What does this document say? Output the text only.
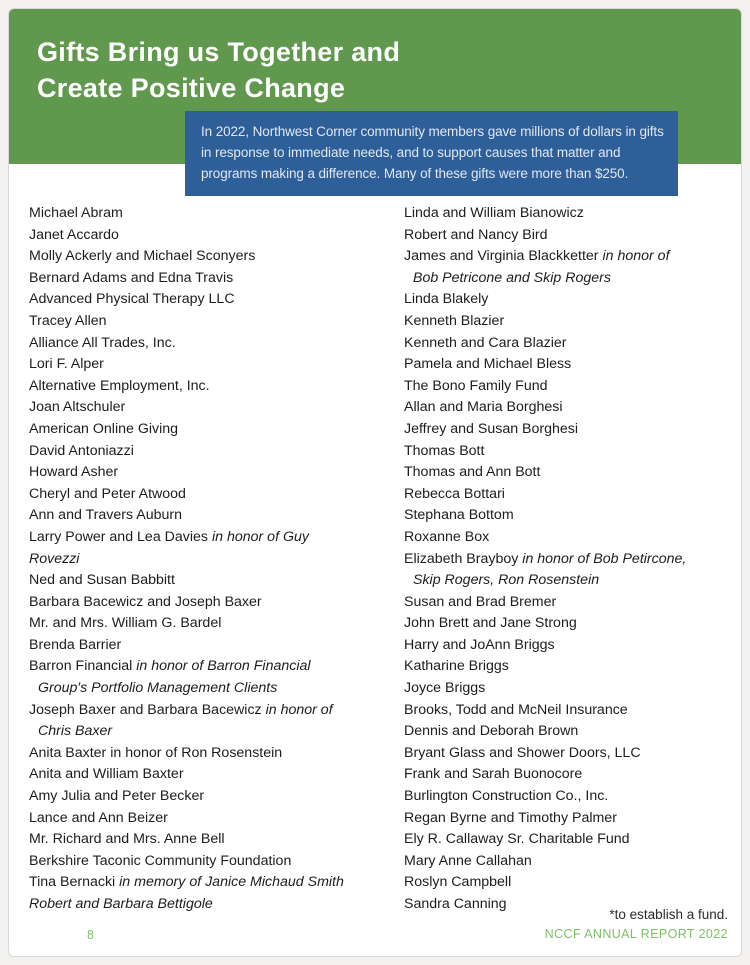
Gifts Bring us Together and
Create Positive Change
In 2022, Northwest Corner community members gave millions of dollars in gifts
in response to immediate needs, and to support causes that matter and
programs making a difference. Many of these gifts were more than $250.
Michael Abram
Janet Accardo
Molly Ackerly and Michael Sconyers
Bernard Adams and Edna Travis
Advanced Physical Therapy LLC
Tracey Allen
Alliance All Trades, Inc.
Lori F. Alper
Alternative Employment, Inc.
Joan Altschuler
American Online Giving
David Antoniazzi
Howard Asher
Cheryl and Peter Atwood
Ann and Travers Auburn
Larry Power and Lea Davies in honor of Guy
Rovezzi
Ned and Susan Babbitt
Barbara Bacewicz and Joseph Baxer
Mr. and Mrs. William G. Bardel
Brenda Barrier
Barron Financial in honor of Barron Financial
Group's Portfolio Management Clients
Joseph Baxer and Barbara Bacewicz in honor of
Chris Baxer
Anita Baxter in honor of Ron Rosenstein
Anita and William Baxter
Amy Julia and Peter Becker
Lance and Ann Beizer
Mr. Richard and Mrs. Anne Bell
Berkshire Taconic Community Foundation
Tina Bernacki in memory of Janice Michaud Smith
Robert and Barbara Bettigole
Linda and William Bianowicz
Robert and Nancy Bird
James and Virginia Blackketter in honor of
Bob Petricone and Skip Rogers
Linda Blakely
Kenneth Blazier
Kenneth and Cara Blazier
Pamela and Michael Bless
The Bono Family Fund
Allan and Maria Borghesi
Jeffrey and Susan Borghesi
Thomas Bott
Thomas and Ann Bott
Rebecca Bottari
Stephana Bottom
Roxanne Box
Elizabeth Brayboy in honor of Bob Petircone,
Skip Rogers, Ron Rosenstein
Susan and Brad Bremer
John Brett and Jane Strong
Harry and JoAnn Briggs
Katharine Briggs
Joyce Briggs
Brooks, Todd and McNeil Insurance
Dennis and Deborah Brown
Bryant Glass and Shower Doors, LLC
Frank and Sarah Buonocore
Burlington Construction Co., Inc.
Regan Byrne and Timothy Palmer
Ely R. Callaway Sr. Charitable Fund
Mary Anne Callahan
Roslyn Campbell
Sandra Canning
8
*to establish a fund.
NCCF ANNUAL REPORT 2022
